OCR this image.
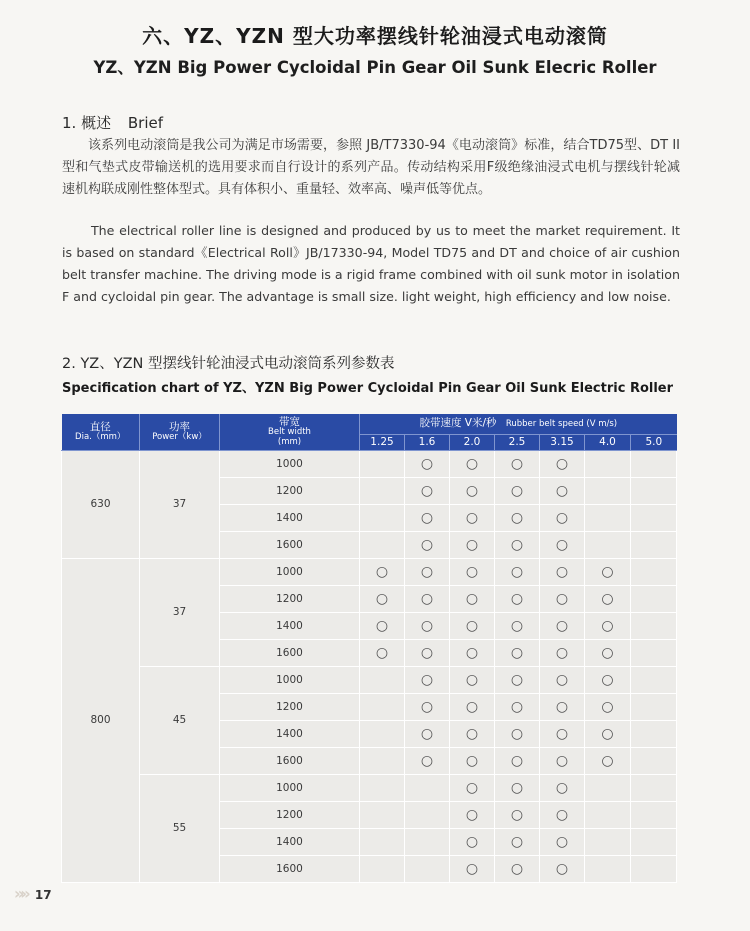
六、YZ、YZN 型大功率摆线针轮油浸式电动滚筒
YZ、YZN Big Power Cycloidal Pin Gear Oil Sunk Elecric Roller
1. 概述 Brief
该系列电动滚筒是我公司为满足市场需要，参照 JB/T7330-94《电动滚筒》标准，结合TD75型、DT II 型和气垫式皮带输送机的选用要求而自行设计的系列产品。传动结构采用F级绝缘油浸式电机与摆线针轮减速机构联成刚性整体型式。具有体积小、重量轻、效率高、噪声低等优点。
The electrical roller line is designed and produced by us to meet the market requirement. It is based on standard《Electrical Roll》JB/17330-94, Model TD75 and DT and choice of air cushion belt transfer machine. The driving mode is a rigid frame combined with oil sunk motor in isolation F and cycloidal pin gear. The advantage is small size. light weight, high efficiency and low noise.
2. YZ、YZN 型摆线针轮油浸式电动滚筒系列参数表
Specification chart of YZ、YZN Big Power Cycloidal Pin Gear Oil Sunk Electric Roller
直径
Dia.（mm）	功率
Power（kw）	带宽
Belt width
(mm)	胶带速度 V米/秒 Rubber belt speed (V m/s)						
			1.25	1.6	2.0	2.5	3.15	4.0	5.0
630	37	1000		○	○	○	○		
		1200		○	○	○	○		
		1400		○	○	○	○		
		1600		○	○	○	○		
800	37	1000	○	○	○	○	○	○	
		1200	○	○	○	○	○	○	
		1400	○	○	○	○	○	○	
		1600	○	○	○	○	○	○	
	45	1000		○	○	○	○	○	
		1200		○	○	○	○	○	
		1400		○	○	○	○	○	
		1600		○	○	○	○	○	
	55	1000			○	○	○		
		1200			○	○	○		
		1400			○	○	○		
		1600			○	○	○		
»» 17
